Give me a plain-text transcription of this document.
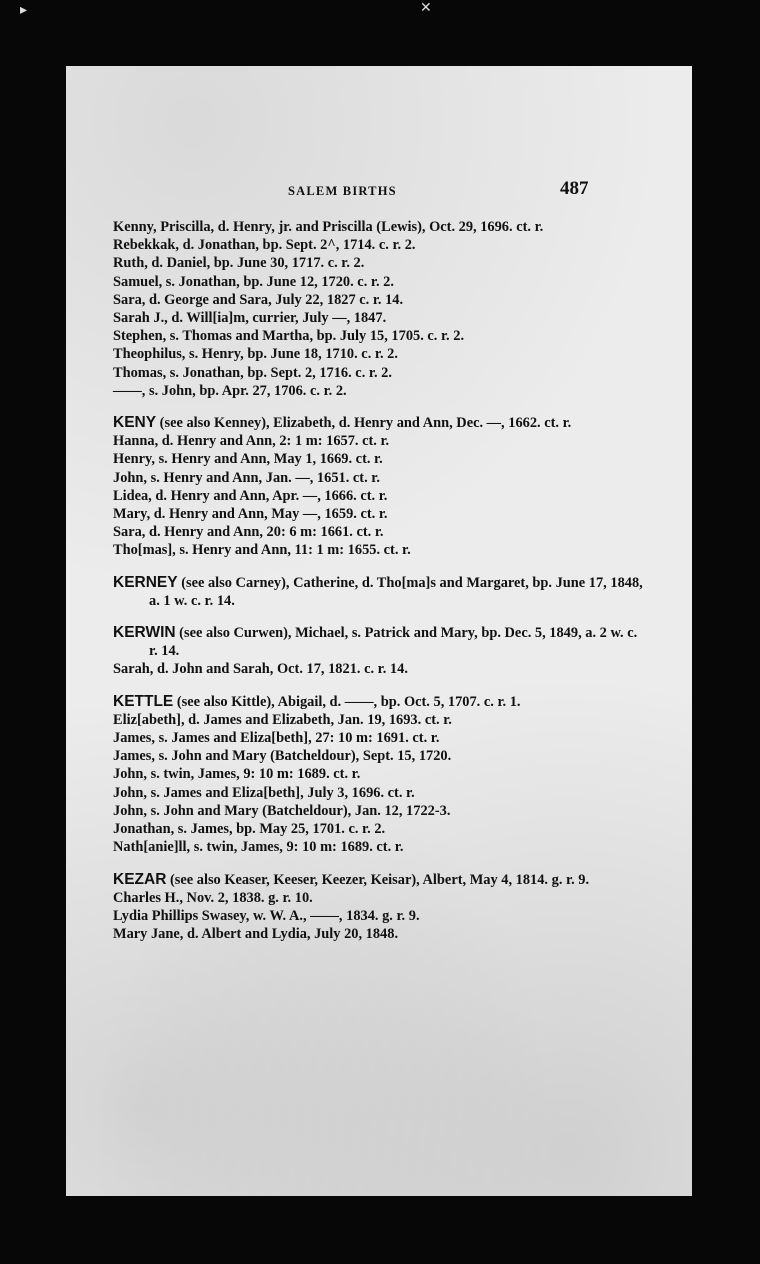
▸	✕
SALEM BIRTHS	487

Kenny, Priscilla, d. Henry, jr. and Priscilla (Lewis), Oct. 29, 1696. ct. r.

Rebekkak, d. Jonathan, bp. Sept. 2^, 1714. c. r. 2.

Ruth, d. Daniel, bp. June 30, 1717. c. r. 2.

Samuel, s. Jonathan, bp. June 12, 1720. c. r. 2.

Sara, d. George and Sara, July 22, 1827 c. r. 14.

Sarah J., d. Will[ia]m, currier, July —, 1847.

Stephen, s. Thomas and Martha, bp. July 15, 1705. c. r. 2.

Theophilus, s. Henry, bp. June 18, 1710. c. r. 2.

Thomas, s. Jonathan, bp. Sept. 2, 1716. c. r. 2.

——, s. John, bp. Apr. 27, 1706. c. r. 2.

KENY (see also Kenney), Elizabeth, d. Henry and Ann, Dec. —, 1662. ct. r.

Hanna, d. Henry and Ann, 2: 1 m: 1657. ct. r.

Henry, s. Henry and Ann, May 1, 1669. ct. r.

John, s. Henry and Ann, Jan. —, 1651. ct. r.

Lidea, d. Henry and Ann, Apr. —, 1666. ct. r.

Mary, d. Henry and Ann, May —, 1659. ct. r.

Sara, d. Henry and Ann, 20: 6 m: 1661. ct. r.

Tho[mas], s. Henry and Ann, 11: 1 m: 1655. ct. r.

KERNEY (see also Carney), Catherine, d. Tho[ma]s and Margaret, bp. June 17, 1848, a. 1 w. c. r. 14.

KERWIN (see also Curwen), Michael, s. Patrick and Mary, bp. Dec. 5, 1849, a. 2 w. c. r. 14.

Sarah, d. John and Sarah, Oct. 17, 1821. c. r. 14.

KETTLE (see also Kittle), Abigail, d. ——, bp. Oct. 5, 1707. c. r. 1.

Eliz[abeth], d. James and Elizabeth, Jan. 19, 1693. ct. r.

James, s. James and Eliza[beth], 27: 10 m: 1691. ct. r.

James, s. John and Mary (Batcheldour), Sept. 15, 1720.

John, s. twin, James, 9: 10 m: 1689. ct. r.

John, s. James and Eliza[beth], July 3, 1696. ct. r.

John, s. John and Mary (Batcheldour), Jan. 12, 1722-3.

Jonathan, s. James, bp. May 25, 1701. c. r. 2.

Nath[anie]ll, s. twin, James, 9: 10 m: 1689. ct. r.

KEZAR (see also Keaser, Keeser, Keezer, Keisar), Albert, May 4, 1814. g. r. 9.

Charles H., Nov. 2, 1838. g. r. 10.

Lydia Phillips Swasey, w. W. A., ——, 1834. g. r. 9.

Mary Jane, d. Albert and Lydia, July 20, 1848.
